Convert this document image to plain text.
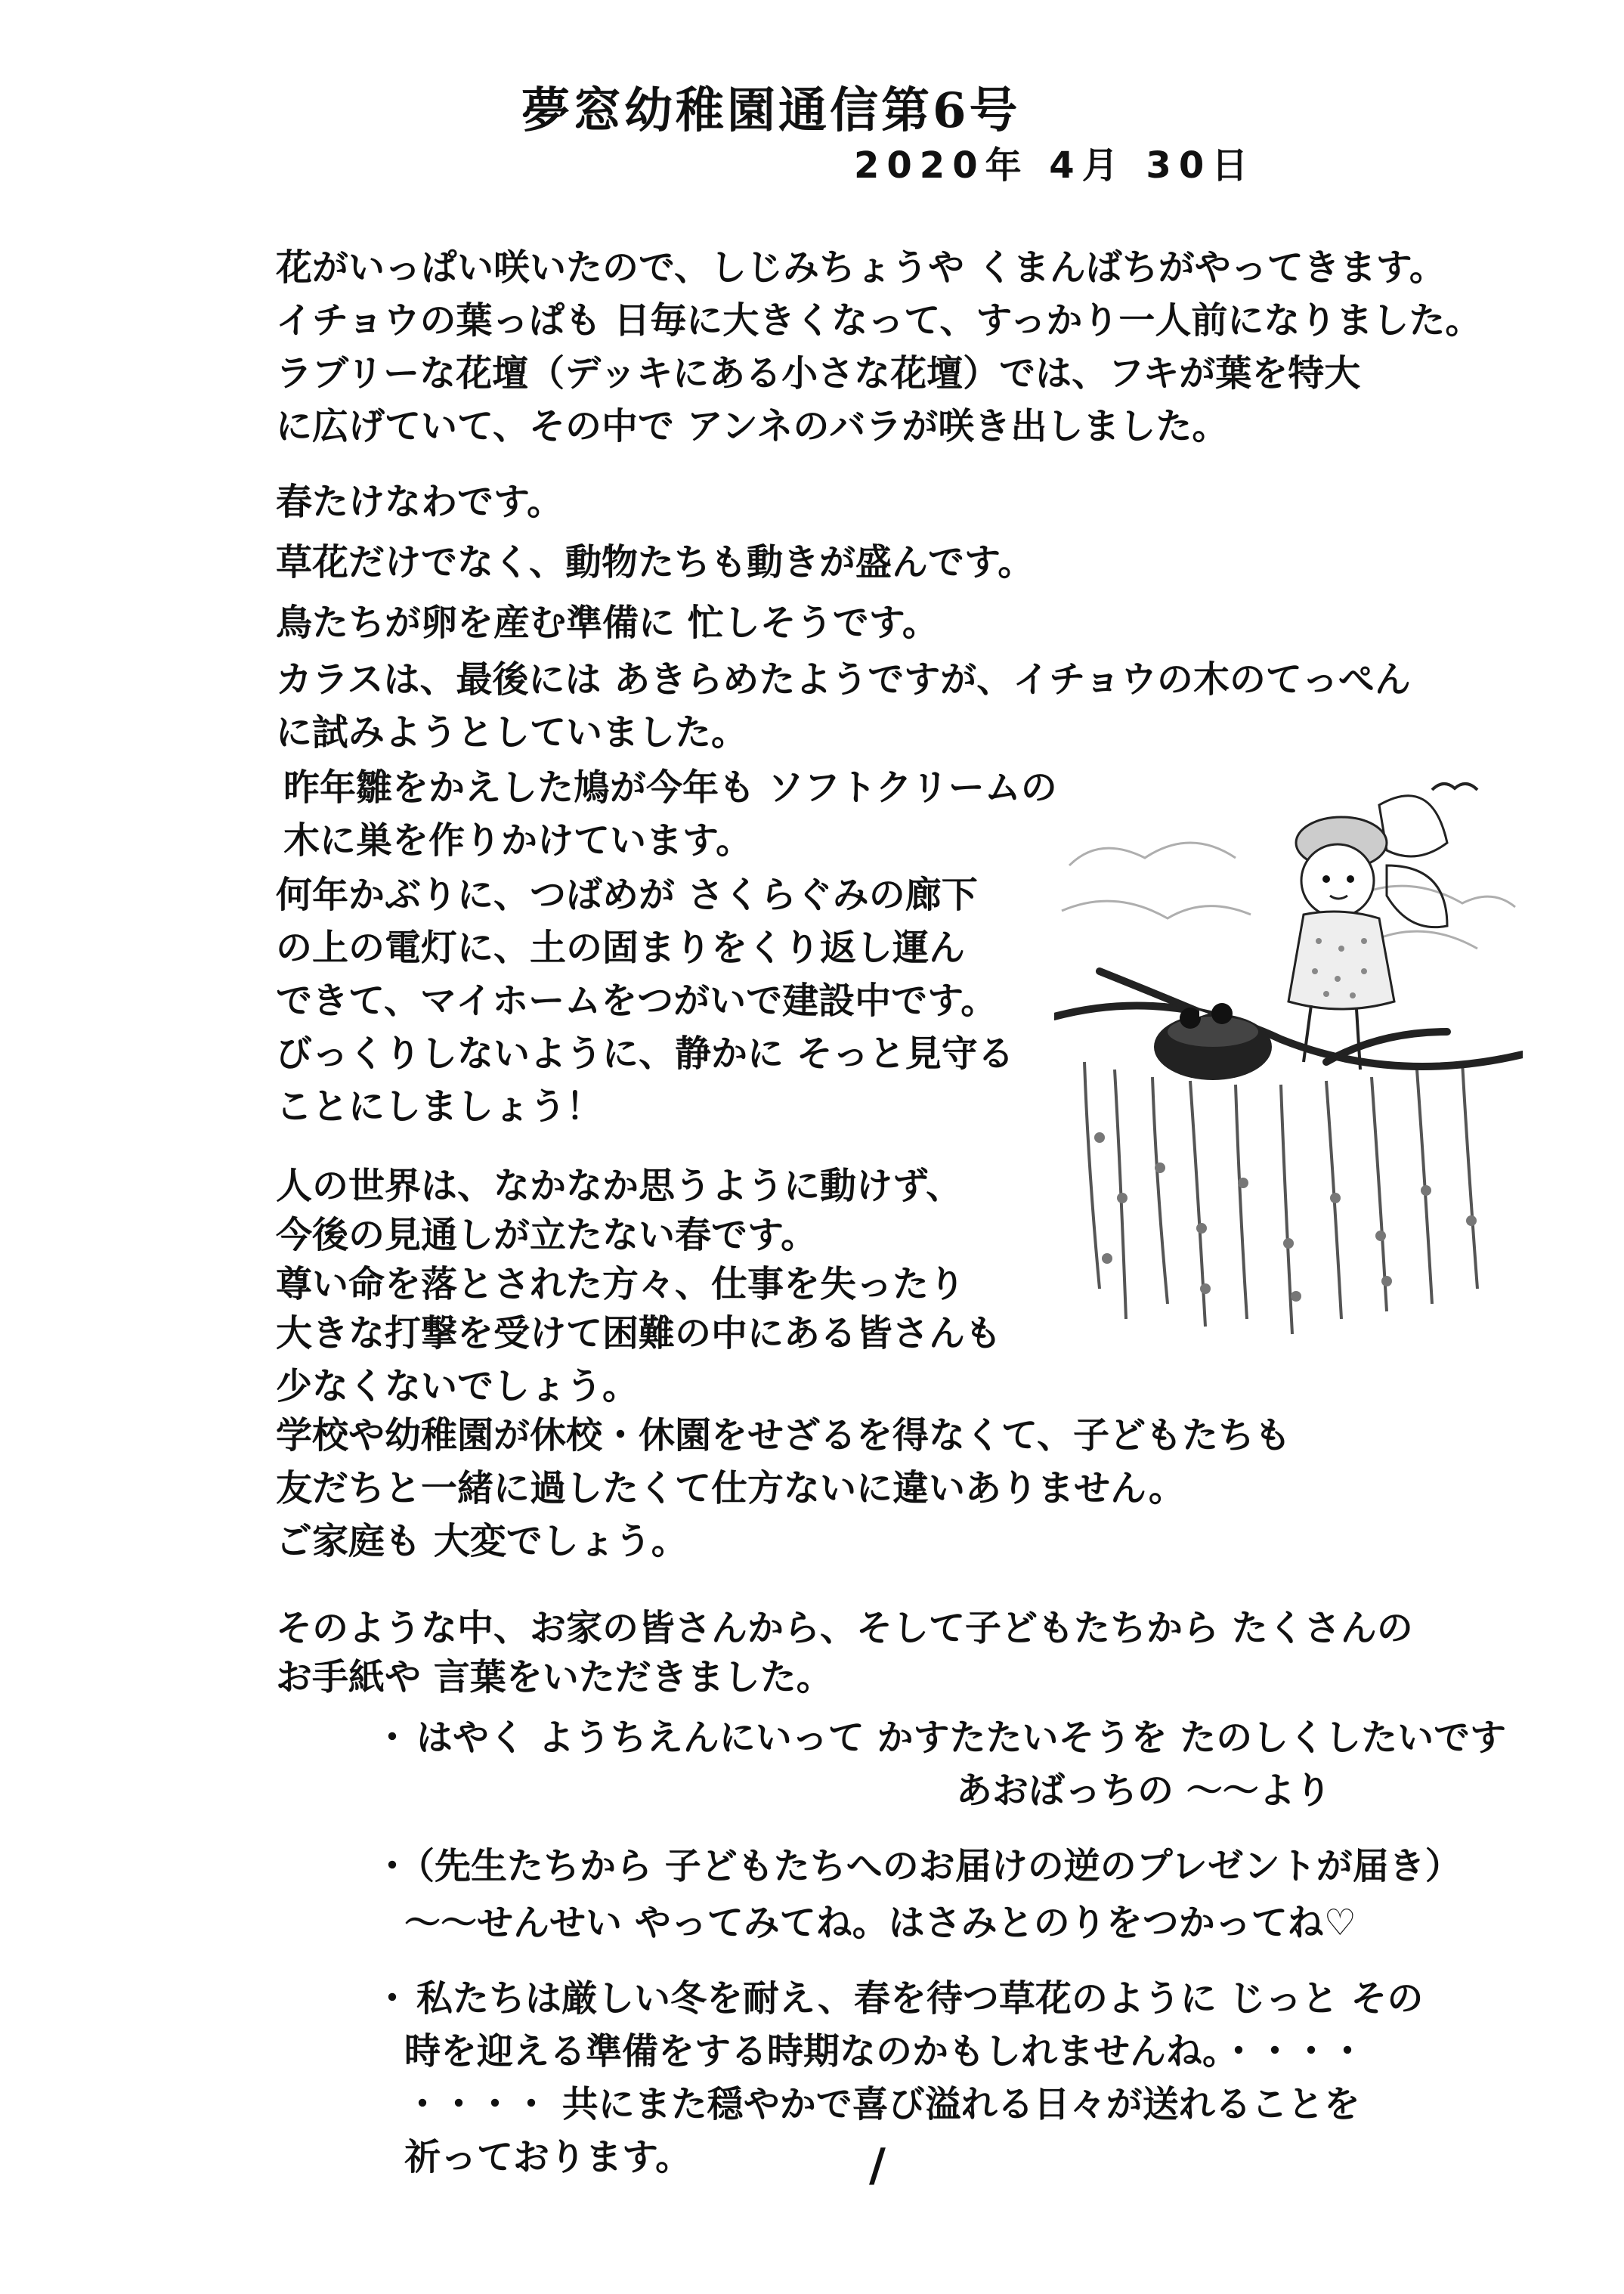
夢窓幼稚園通信第6号
2020年 4月 30日
花がいっぱい咲いたので、しじみちょうや くまんばちがやってきます。
イチョウの葉っぱも 日毎に大きくなって、すっかり一人前になりました。
ラブリーな花壇（デッキにある小さな花壇）では、フキが葉を特大
に広げていて、その中で アンネのバラが咲き出しました。
春たけなわです。
草花だけでなく、動物たちも動きが盛んです。
鳥たちが卵を産む準備に 忙しそうです。
カラスは、最後には あきらめたようですが、イチョウの木のてっぺん
に試みようとしていました。
昨年雛をかえした鳩が今年も ソフトクリームの
木に巣を作りかけています。
何年かぶりに、つばめが さくらぐみの廊下
の上の電灯に、土の固まりをくり返し運ん
できて、マイホームをつがいで建設中です。
びっくりしないように、静かに そっと見守る
ことにしましょう！
人の世界は、なかなか思うように動けず、
今後の見通しが立たない春です。
尊い命を落とされた方々、仕事を失ったり
大きな打撃を受けて困難の中にある皆さんも
少なくないでしょう。
学校や幼稚園が休校・休園をせざるを得なくて、子どもたちも
友だちと一緒に過したくて仕方ないに違いありません。
ご家庭も 大変でしょう。
そのような中、お家の皆さんから、そして子どもたちから たくさんの
お手紙や 言葉をいただきました。
・ はやく ようちえんにいって かすたたいそうを たのしくしたいです
あおばっちの 〜〜より
・ （先生たちから 子どもたちへのお届けの逆のプレゼントが届き）
〜〜せんせい やってみてね。はさみとのりをつかってね♡
・ 私たちは厳しい冬を耐え、春を待つ草花のように じっと その
時を迎える準備をする時期なのかもしれませんね。・・・・
・・・・ 共にまた穏やかで喜び溢れる日々が送れることを
祈っております。	/
